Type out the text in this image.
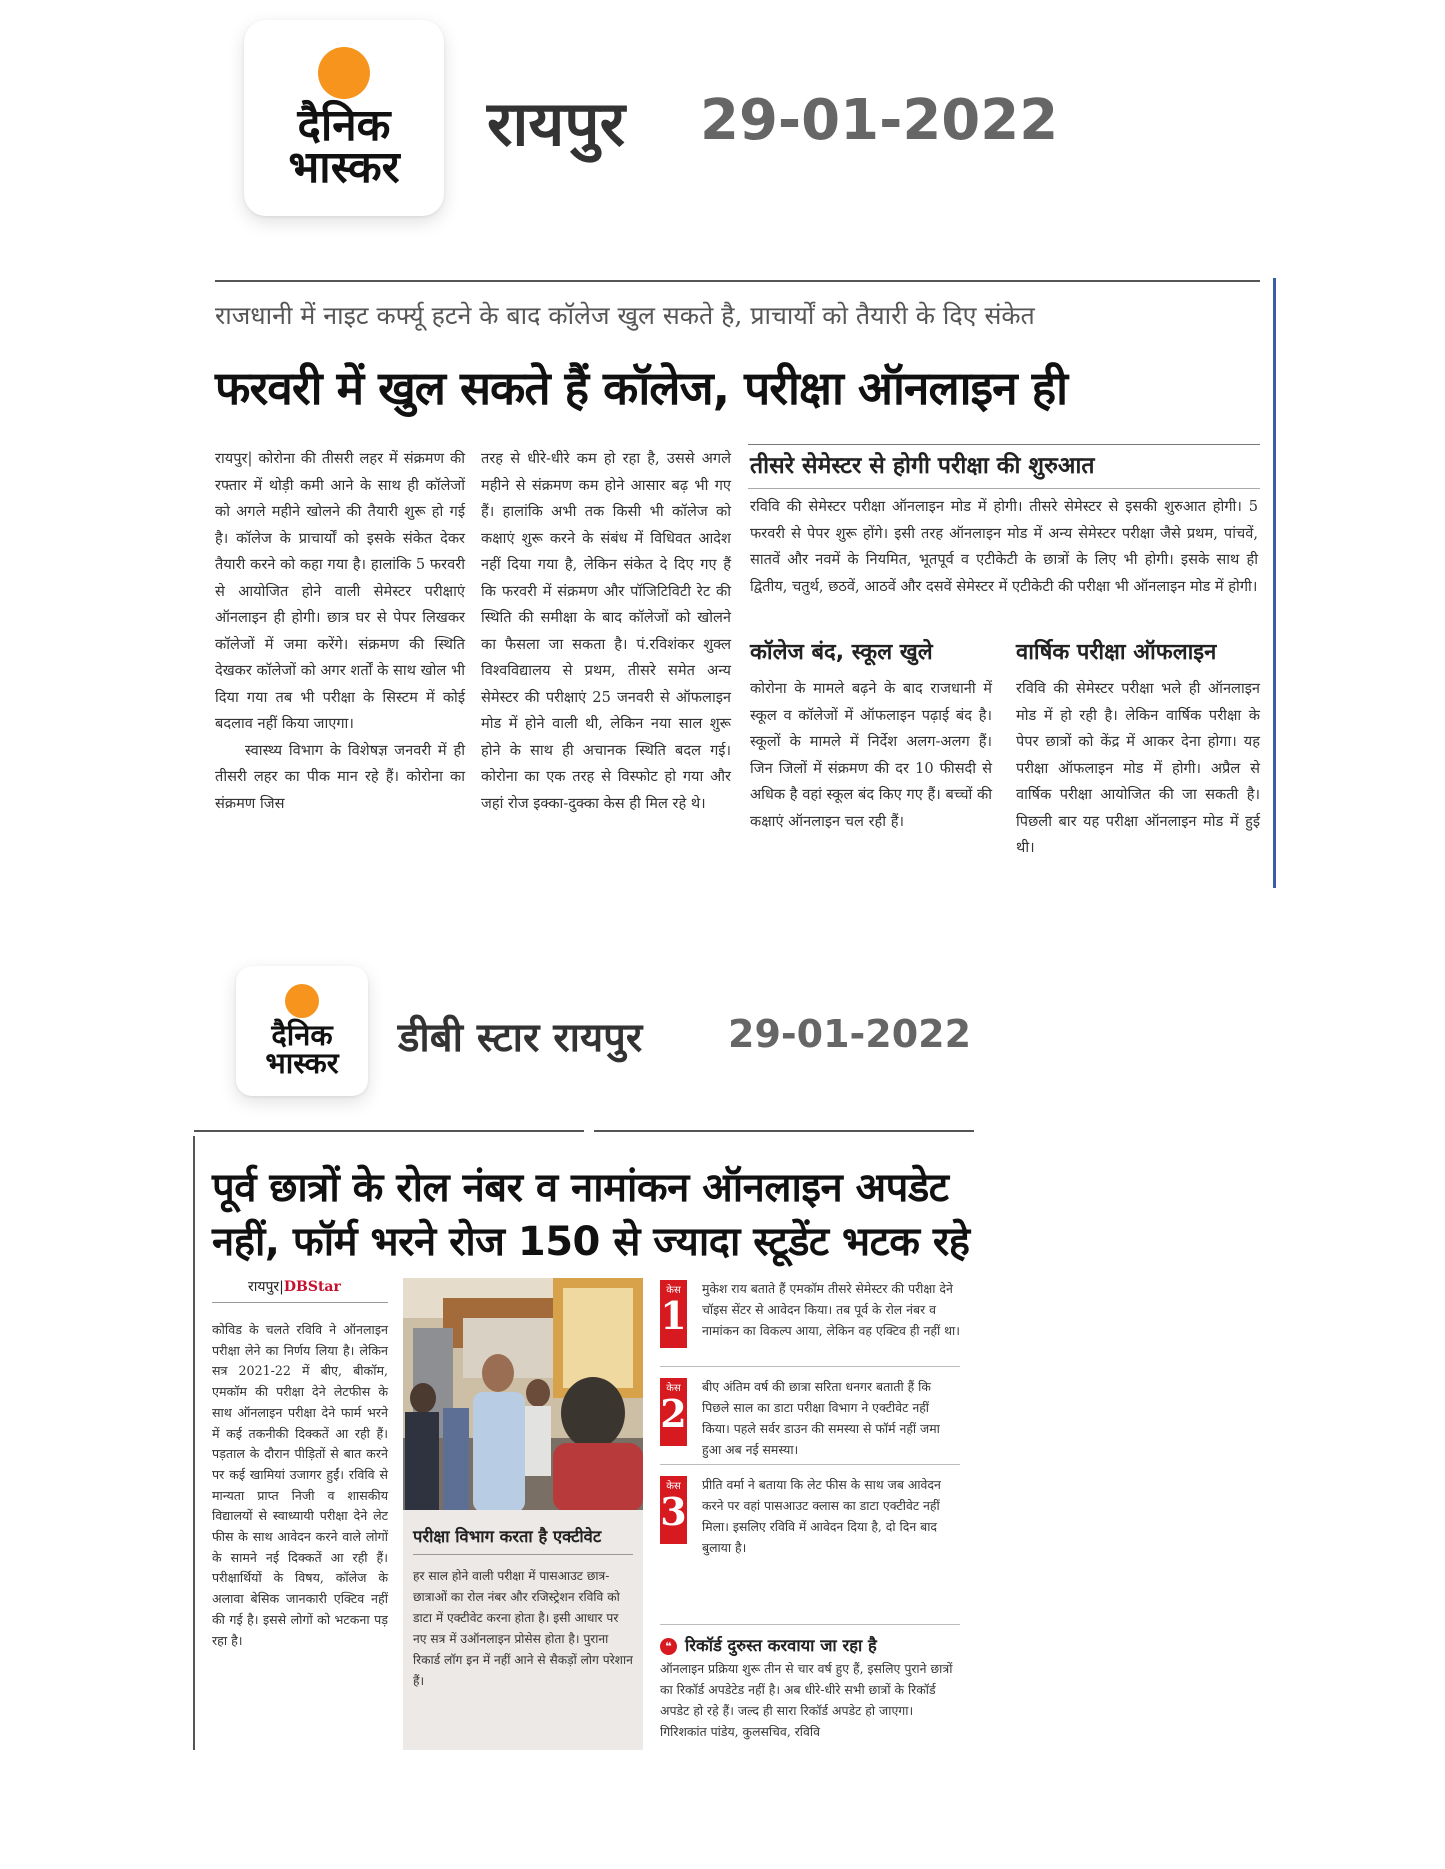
दैनिक
भास्कर
रायपुर 29-01-2022
राजधानी में नाइट कर्फ्यू हटने के बाद कॉलेज खुल सकते है, प्राचार्यों को तैयारी के दिए संकेत
फरवरी में खुल सकते हैं कॉलेज, परीक्षा ऑनलाइन ही

रायपुर| कोरोना की तीसरी लहर में संक्रमण की रफ्तार में थोड़ी कमी आने के साथ ही कॉलेजों को अगले महीने खोलने की तैयारी शुरू हो गई है। कॉलेज के प्राचार्यों को इसके संकेत देकर तैयारी करने को कहा गया है। हालांकि 5 फरवरी से आयोजित होने वाली सेमेस्टर परीक्षाएं ऑनलाइन ही होगी। छात्र घर से पेपर लिखकर कॉलेजों में जमा करेंगे। संक्रमण की स्थिति देखकर कॉलेजों को अगर शर्तों के साथ खोल भी दिया गया तब भी परीक्षा के सिस्टम में कोई बदलाव नहीं किया जाएगा।

स्वास्थ्य विभाग के विशेषज्ञ जनवरी में ही तीसरी लहर का पीक मान रहे हैं। कोरोना का संक्रमण जिस

तरह से धीरे-धीरे कम हो रहा है, उससे अगले महीने से संक्रमण कम होने आसार बढ़ भी गए हैं। हालांकि अभी तक किसी भी कॉलेज को कक्षाएं शुरू करने के संबंध में विधिवत आदेश नहीं दिया गया है, लेकिन संकेत दे दिए गए हैं कि फरवरी में संक्रमण और पॉजिटिविटी रेट की स्थिति की समीक्षा के बाद कॉलेजों को खोलने का फैसला जा सकता है। पं.रविशंकर शुक्ल विश्वविद्यालय से प्रथम, तीसरे समेत अन्य सेमेस्टर की परीक्षाएं 25 जनवरी से ऑफलाइन मोड में होने वाली थी, लेकिन नया साल शुरू होने के साथ ही अचानक स्थिति बदल गई। कोरोना का एक तरह से विस्फोट हो गया और जहां रोज इक्का-दुक्का केस ही मिल रहे थे।

तीसरे सेमेस्टर से होगी परीक्षा की शुरुआत
रविवि की सेमेस्टर परीक्षा ऑनलाइन मोड में होगी। तीसरे सेमेस्टर से इसकी शुरुआत होगी। 5 फरवरी से पेपर शुरू होंगे। इसी तरह ऑनलाइन मोड में अन्य सेमेस्टर परीक्षा जैसे प्रथम, पांचवें, सातवें और नवमें के नियमित, भूतपूर्व व एटीकेटी के छात्रों के लिए भी होगी। इसके साथ ही द्वितीय, चतुर्थ, छठवें, आठवें और दसवें सेमेस्टर में एटीकेटी की परीक्षा भी ऑनलाइन मोड में होगी।
कॉलेज बंद, स्कूल खुले
कोरोना के मामले बढ़ने के बाद राजधानी में स्कूल व कॉलेजों में ऑफलाइन पढ़ाई बंद है। स्कूलों के मामले में निर्देश अलग-अलग हैं। जिन जिलों में संक्रमण की दर 10 फीसदी से अधिक है वहां स्कूल बंद किए गए हैं। बच्चों की कक्षाएं ऑनलाइन चल रही हैं।
वार्षिक परीक्षा ऑफलाइन
रविवि की सेमेस्टर परीक्षा भले ही ऑनलाइन मोड में हो रही है। लेकिन वार्षिक परीक्षा के पेपर छात्रों को केंद्र में आकर देना होगा। यह परीक्षा ऑफलाइन मोड में होगी। अप्रैल से वार्षिक परीक्षा आयोजित की जा सकती है। पिछली बार यह परीक्षा ऑनलाइन मोड में हुई थी।
दैनिक
भास्कर
डीबी स्टार रायपुर 29-01-2022
पूर्व छात्रों के रोल नंबर व नामांकन ऑनलाइन अपडेट
नहीं, फॉर्म भरने रोज 150 से ज्यादा स्टूडेंट भटक रहे
रायपुर|DBStar
कोविड के चलते रविवि ने ऑनलाइन परीक्षा लेने का निर्णय लिया है। लेकिन सत्र 2021-22 में बीए, बीकॉम, एमकॉम की परीक्षा देने लेटफीस के साथ ऑनलाइन परीक्षा देने फार्म भरने में कई तकनीकी दिक्कतें आ रही हैं। पड़ताल के दौरान पीड़ितों से बात करने पर कई खामियां उजागर हुईं। रविवि से मान्यता प्राप्त निजी व शासकीय विद्यालयों से स्वाध्यायी परीक्षा देने लेट फीस के साथ आवेदन करने वाले लोगों के सामने नई दिक्कतें आ रही हैं। परीक्षार्थियों के विषय, कॉलेज के अलावा बेसिक जानकारी एक्टिव नहीं की गई है। इससे लोगों को भटकना पड़ रहा है।
परीक्षा विभाग करता है एक्टीवेट
हर साल होने वाली परीक्षा में पासआउट छात्र-छात्राओं का रोल नंबर और रजिस्ट्रेशन रविवि को डाटा में एक्टीवेट करना होता है। इसी आधार पर नए सत्र में उऑनलाइन प्रोसेस होता है। पुराना रिकार्ड लॉग इन में नहीं आने से सैकड़ों लोग परेशान हैं।
केस
1
मुकेश राय बताते हैं एमकॉम तीसरे सेमेस्टर की परीक्षा देने चॉइस सेंटर से आवेदन किया। तब पूर्व के रोल नंबर व नामांकन का विकल्प आया, लेकिन वह एक्टिव ही नहीं था।
केस
2
बीए अंतिम वर्ष की छात्रा सरिता धनगर बताती हैं कि पिछले साल का डाटा परीक्षा विभाग ने एक्टीवेट नहीं किया। पहले सर्वर डाउन की समस्या से फॉर्म नहीं जमा हुआ अब नई समस्या।
केस
3
प्रीति वर्मा ने बताया कि लेट फीस के साथ जब आवेदन करने पर वहां पासआउट क्लास का डाटा एक्टीवेट नहीं मिला। इसलिए रविवि में आवेदन दिया है, दो दिन बाद बुलाया है।
❝ रिकॉर्ड दुरुस्त करवाया जा रहा है
ऑनलाइन प्रक्रिया शुरू तीन से चार वर्ष हुए हैं, इसलिए पुराने छात्रों का रिकॉर्ड अपडेटेड नहीं है। अब धीरे-धीरे सभी छात्रों के रिकॉर्ड अपडेट हो रहे हैं। जल्द ही सारा रिकॉर्ड अपडेट हो जाएगा।
गिरिशकांत पांडेय, कुलसचिव, रविवि
